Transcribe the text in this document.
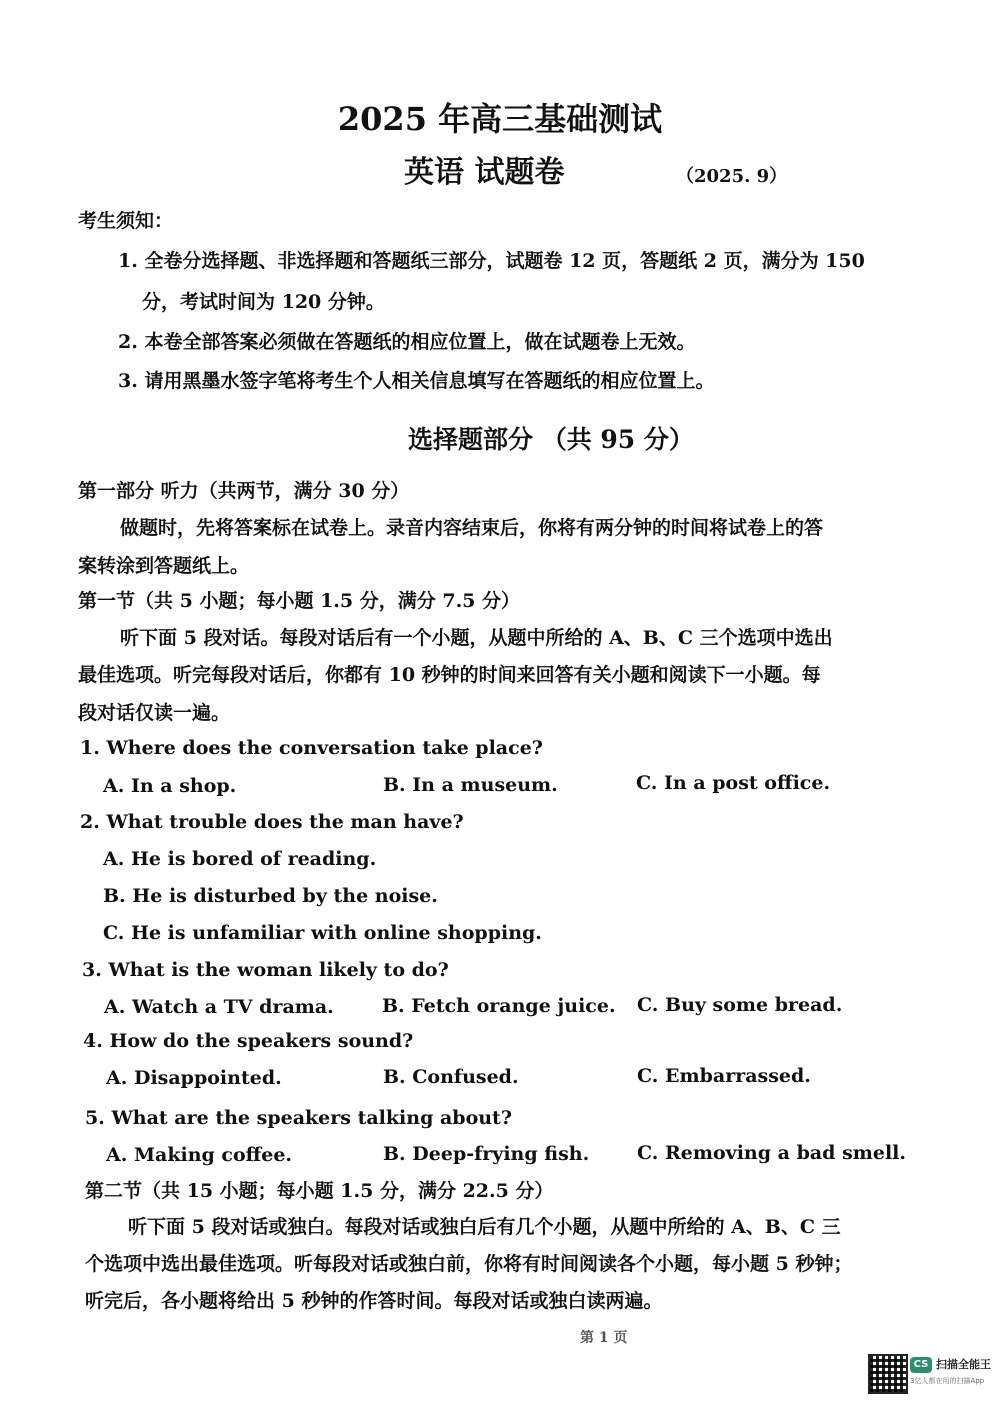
2025 年高三基础测试
英语 试题卷	（2025. 9）
考生须知：
1. 全卷分选择题、非选择题和答题纸三部分，试题卷 12 页，答题纸 2 页，满分为 150
分，考试时间为 120 分钟。
2. 本卷全部答案必须做在答题纸的相应位置上，做在试题卷上无效。
3. 请用黑墨水签字笔将考生个人相关信息填写在答题纸的相应位置上。
选择题部分 （共 95 分）
第一部分 听力（共两节，满分 30 分）
做题时，先将答案标在试卷上。录音内容结束后，你将有两分钟的时间将试卷上的答
案转涂到答题纸上。
第一节（共 5 小题；每小题 1.5 分，满分 7.5 分）
听下面 5 段对话。每段对话后有一个小题，从题中所给的 A、B、C 三个选项中选出
最佳选项。听完每段对话后，你都有 10 秒钟的时间来回答有关小题和阅读下一小题。每
段对话仅读一遍。
1. Where does the conversation take place?
A. In a shop.	B. In a museum.	C. In a post office.
2. What trouble does the man have?
A. He is bored of reading.
B. He is disturbed by the noise.
C. He is unfamiliar with online shopping.
3. What is the woman likely to do?
A. Watch a TV drama.	B. Fetch orange juice. C. Buy some bread.
4. How do the speakers sound?
A. Disappointed.	B. Confused.	C. Embarrassed.
5. What are the speakers talking about?
A. Making coffee.	B. Deep-frying fish.	C. Removing a bad smell.
第二节（共 15 小题；每小题 1.5 分，满分 22.5 分）
听下面 5 段对话或独白。每段对话或独白后有几个小题，从题中所给的 A、B、C 三
个选项中选出最佳选项。听每段对话或独白前，你将有时间阅读各个小题，每小题 5 秒钟；
听完后，各小题将给出 5 秒钟的作答时间。每段对话或独白读两遍。
第 1 页
CS 扫描全能王
3亿人都在用的扫描App
